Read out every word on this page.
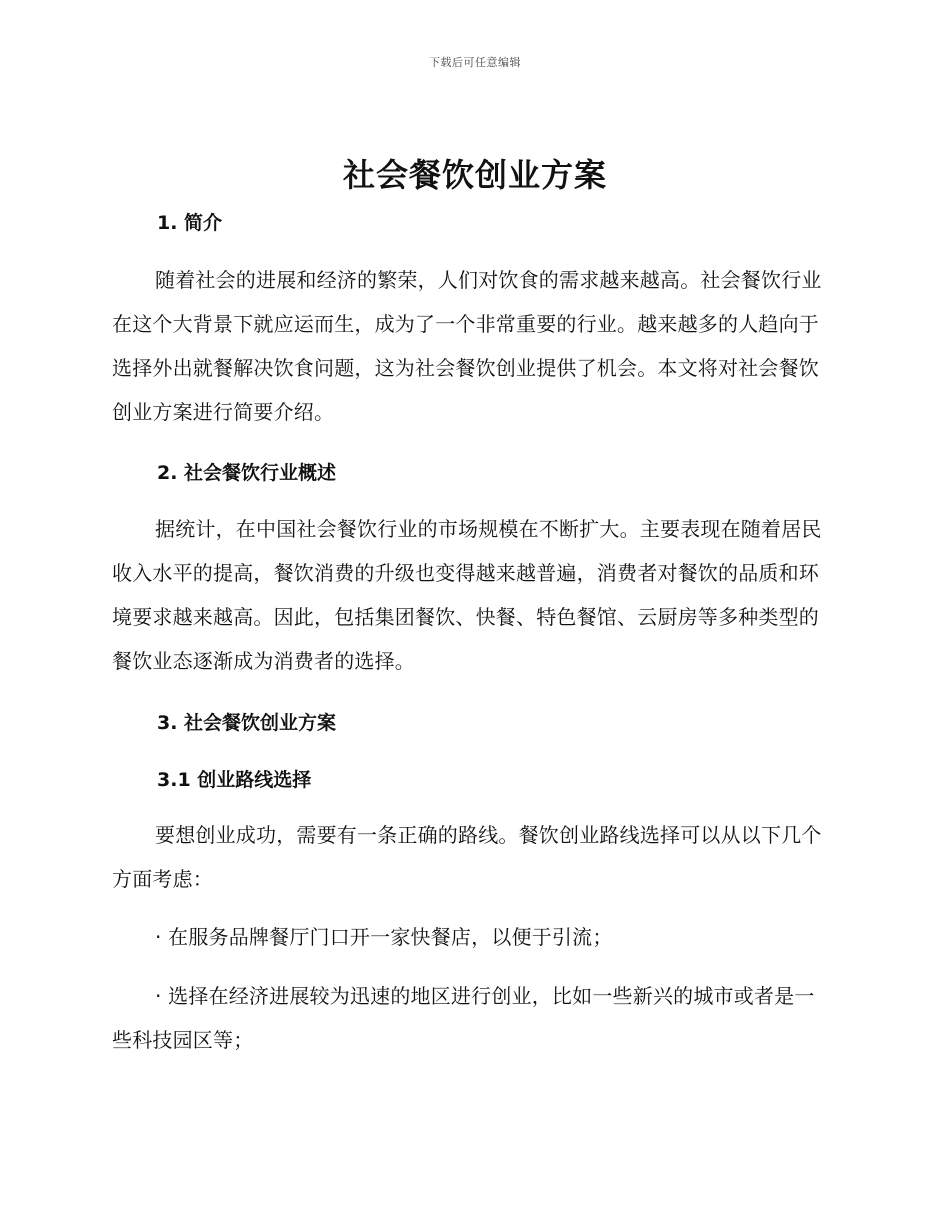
下载后可任意编辑
社会餐饮创业方案
1. 简介

随着社会的进展和经济的繁荣，人们对饮食的需求越来越高。社会餐饮行业在这个大背景下就应运而生，成为了一个非常重要的行业。越来越多的人趋向于选择外出就餐解决饮食问题，这为社会餐饮创业提供了机会。本文将对社会餐饮创业方案进行简要介绍。

2. 社会餐饮行业概述

据统计，在中国社会餐饮行业的市场规模在不断扩大。主要表现在随着居民收入水平的提高，餐饮消费的升级也变得越来越普遍，消费者对餐饮的品质和环境要求越来越高。因此，包括集团餐饮、快餐、特色餐馆、云厨房等多种类型的餐饮业态逐渐成为消费者的选择。

3. 社会餐饮创业方案
3.1 创业路线选择

要想创业成功，需要有一条正确的路线。餐饮创业路线选择可以从以下几个方面考虑：

· 在服务品牌餐厅门口开一家快餐店，以便于引流；

· 选择在经济进展较为迅速的地区进行创业，比如一些新兴的城市或者是一些科技园区等；
